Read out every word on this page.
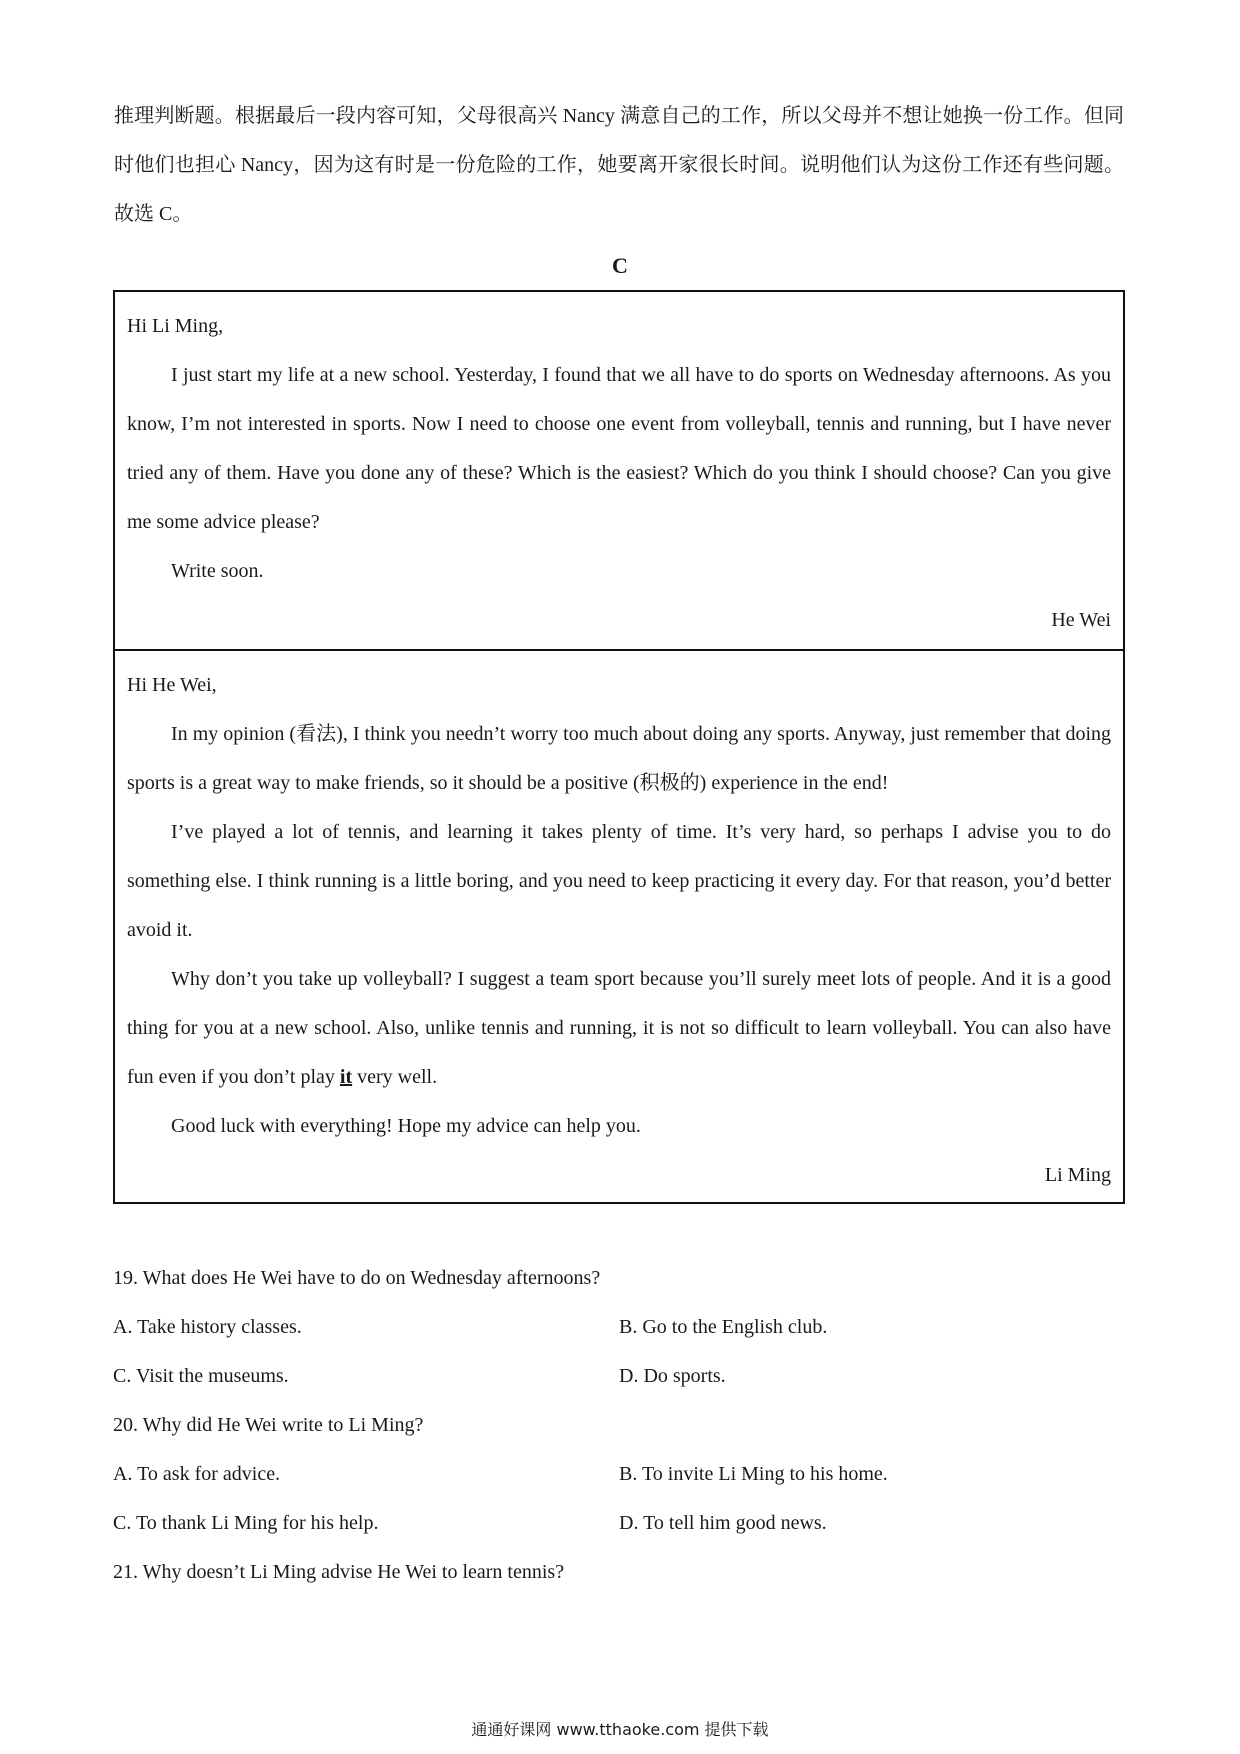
推理判断题。根据最后一段内容可知，父母很高兴 Nancy 满意自己的工作，所以父母并不想让她换一份工作。但同时他们也担心 Nancy，因为这有时是一份危险的工作，她要离开家很长时间。说明他们认为这份工作还有些问题。故选 C。
C

Hi Li Ming,

I just start my life at a new school. Yesterday, I found that we all have to do sports on Wednesday afternoons. As you know, I’m not interested in sports. Now I need to choose one event from volleyball, tennis and running, but I have never tried any of them. Have you done any of these? Which is the easiest? Which do you think I should choose? Can you give me some advice please?

Write soon.

He Wei

Hi He Wei,

In my opinion (看法), I think you needn’t worry too much about doing any sports. Anyway, just remember that doing sports is a great way to make friends, so it should be a positive (积极的) experience in the end!

I’ve played a lot of tennis, and learning it takes plenty of time. It’s very hard, so perhaps I advise you to do something else. I think running is a little boring, and you need to keep practicing it every day. For that reason, you’d better avoid it.

Why don’t you take up volleyball? I suggest a team sport because you’ll surely meet lots of people. And it is a good thing for you at a new school. Also, unlike tennis and running, it is not so difficult to learn volleyball. You can also have fun even if you don’t play it very well.

Good luck with everything! Hope my advice can help you.

Li Ming

19. What does He Wei have to do on Wednesday afternoons?

A. Take history classes.	B. Go to the English club.
C. Visit the museums.	D. Do sports.

20. Why did He Wei write to Li Ming?

A. To ask for advice.	B. To invite Li Ming to his home.
C. To thank Li Ming for his help.	D. To tell him good news.

21. Why doesn’t Li Ming advise He Wei to learn tennis?

通通好课网 www.tthaoke.com 提供下载
